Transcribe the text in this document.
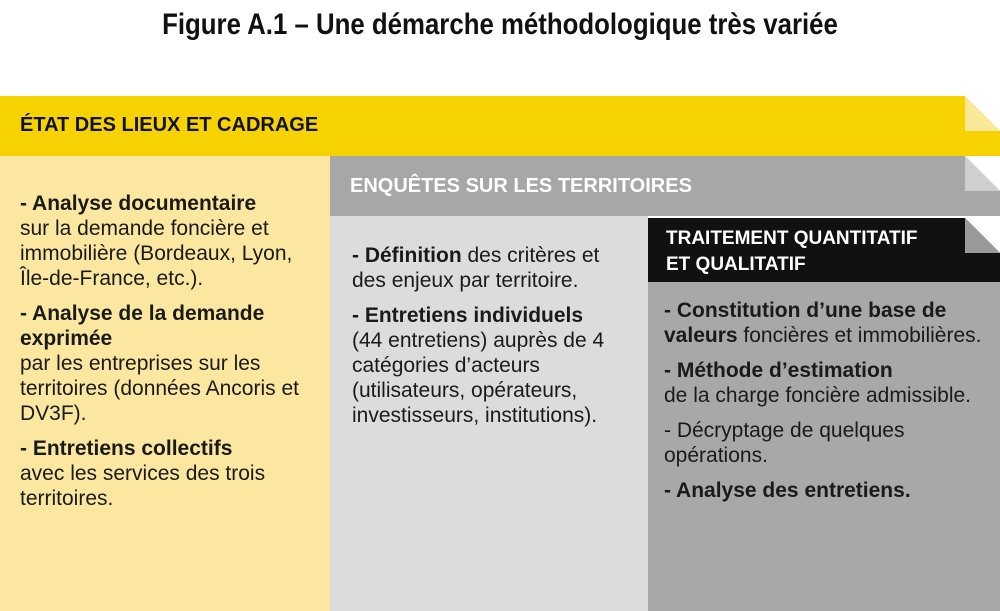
Figure A.1 – Une démarche méthodologique très variée
ÉTAT DES LIEUX ET CADRAGE
ENQUÊTES SUR LES TERRITOIRES
TRAITEMENT QUANTITATIF
ET QUALITATIF

- Analyse documentaire
sur la demande foncière et immobilière (Bordeaux, Lyon, Île-de-France, etc.).

- Analyse de la demande exprimée
par les entreprises sur les territoires (données Ancoris et DV3F).

- Entretiens collectifs
avec les services des trois territoires.

- Définition des critères et des enjeux par territoire.

- Entretiens individuels
(44 entretiens) auprès de 4 catégories d’acteurs (utilisateurs, opérateurs, investisseurs, institutions).

- Constitution d’une base de valeurs foncières et immobilières.

- Méthode d’estimation
de la charge foncière admissible.

- Décryptage de quelques opérations.

- Analyse des entretiens.
